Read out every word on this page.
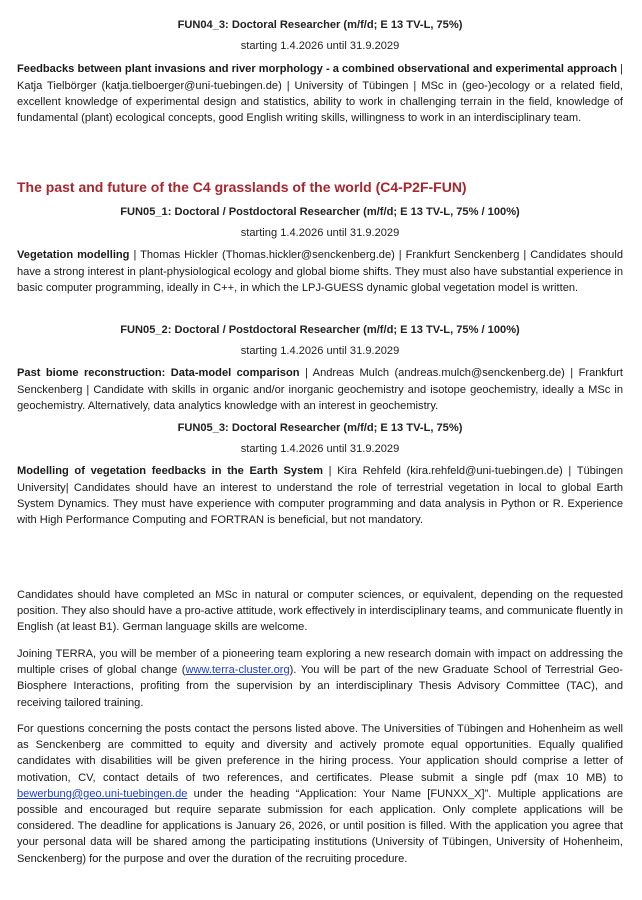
FUN04_3: Doctoral Researcher (m/f/d; E 13 TV-L, 75%)
starting 1.4.2026 until 31.9.2029
Feedbacks between plant invasions and river morphology - a combined observational and experimental approach | Katja Tielbörger (katja.tielboerger@uni-tuebingen.de) | University of Tübingen | MSc in (geo-)ecology or a related field, excellent knowledge of experimental design and statistics, ability to work in challenging terrain in the field, knowledge of fundamental (plant) ecological concepts, good English writing skills, willingness to work in an interdisciplinary team.
The past and future of the C4 grasslands of the world (C4-P2F-FUN)
FUN05_1: Doctoral / Postdoctoral Researcher (m/f/d; E 13 TV-L, 75% / 100%)
starting 1.4.2026 until 31.9.2029
Vegetation modelling | Thomas Hickler (Thomas.hickler@senckenberg.de) | Frankfurt Senckenberg | Candidates should have a strong interest in plant-physiological ecology and global biome shifts. They must also have substantial experience in basic computer programming, ideally in C++, in which the LPJ-GUESS dynamic global vegetation model is written.
FUN05_2: Doctoral / Postdoctoral Researcher (m/f/d; E 13 TV-L, 75% / 100%)
starting 1.4.2026 until 31.9.2029
Past biome reconstruction: Data-model comparison | Andreas Mulch (andreas.mulch@senckenberg.de) | Frankfurt Senckenberg | Candidate with skills in organic and/or inorganic geochemistry and isotope geochemistry, ideally a MSc in geochemistry. Alternatively, data analytics knowledge with an interest in geochemistry.
FUN05_3: Doctoral Researcher (m/f/d; E 13 TV-L, 75%)
starting 1.4.2026 until 31.9.2029
Modelling of vegetation feedbacks in the Earth System | Kira Rehfeld (kira.rehfeld@uni-tuebingen.de) | Tübingen University| Candidates should have an interest to understand the role of terrestrial vegetation in local to global Earth System Dynamics. They must have experience with computer programming and data analysis in Python or R. Experience with High Performance Computing and FORTRAN is beneficial, but not mandatory.
Candidates should have completed an MSc in natural or computer sciences, or equivalent, depending on the requested position. They also should have a pro-active attitude, work effectively in interdisciplinary teams, and communicate fluently in English (at least B1). German language skills are welcome.
Joining TERRA, you will be member of a pioneering team exploring a new research domain with impact on addressing the multiple crises of global change (www.terra-cluster.org). You will be part of the new Graduate School of Terrestrial Geo-Biosphere Interactions, profiting from the supervision by an interdisciplinary Thesis Advisory Committee (TAC), and receiving tailored training.
For questions concerning the posts contact the persons listed above. The Universities of Tübingen and Hohenheim as well as Senckenberg are committed to equity and diversity and actively promote equal opportunities. Equally qualified candidates with disabilities will be given preference in the hiring process. Your application should comprise a letter of motivation, CV, contact details of two references, and certificates. Please submit a single pdf (max 10 MB) to bewerbung@geo.uni-tuebingen.de under the heading “Application: Your Name [FUNXX_X]”. Multiple applications are possible and encouraged but require separate submission for each application. Only complete applications will be considered. The deadline for applications is January 26, 2026, or until position is filled. With the application you agree that your personal data will be shared among the participating institutions (University of Tübingen, University of Hohenheim, Senckenberg) for the purpose and over the duration of the recruiting procedure.
